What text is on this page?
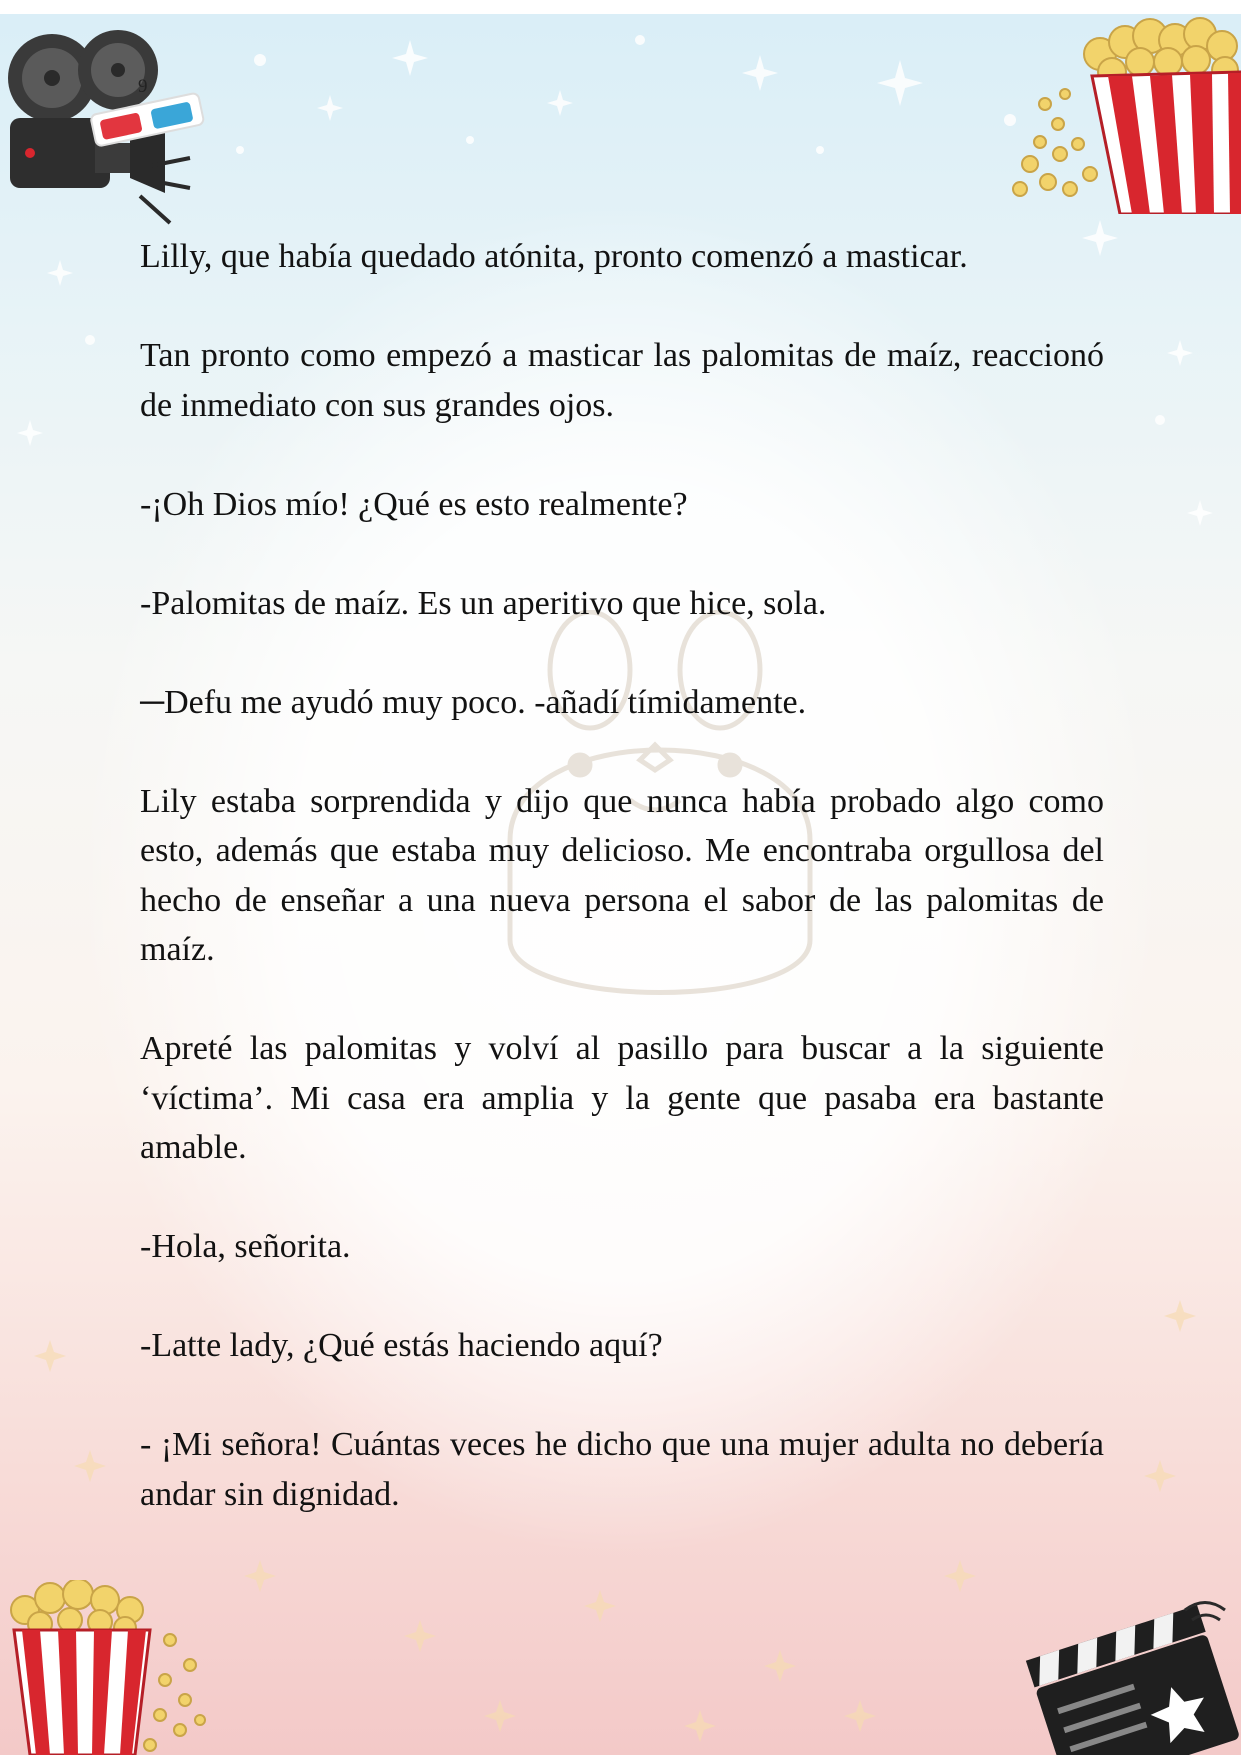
9

Lilly, que había quedado atónita, pronto comenzó a masticar.

Tan pronto como empezó a masticar las palomitas de maíz, reaccionó de inmediato con sus grandes ojos.

-¡Oh Dios mío! ¿Qué es esto realmente?

-Palomitas de maíz. Es un aperitivo que hice, sola.

─Defu me ayudó muy poco. -añadí tímidamente.

Lily estaba sorprendida y dijo que nunca había probado algo como esto, además que estaba muy delicioso. Me encontraba orgullosa del hecho de enseñar a una nueva persona el sabor de las palomitas de maíz.

Apreté las palomitas y volví al pasillo para buscar a la siguiente ‘víctima’. Mi casa era amplia y la gente que pasaba era bastante amable.

-Hola, señorita.

-Latte lady, ¿Qué estás haciendo aquí?

- ¡Mi señora! Cuántas veces he dicho que una mujer adulta no debería andar sin dignidad.
